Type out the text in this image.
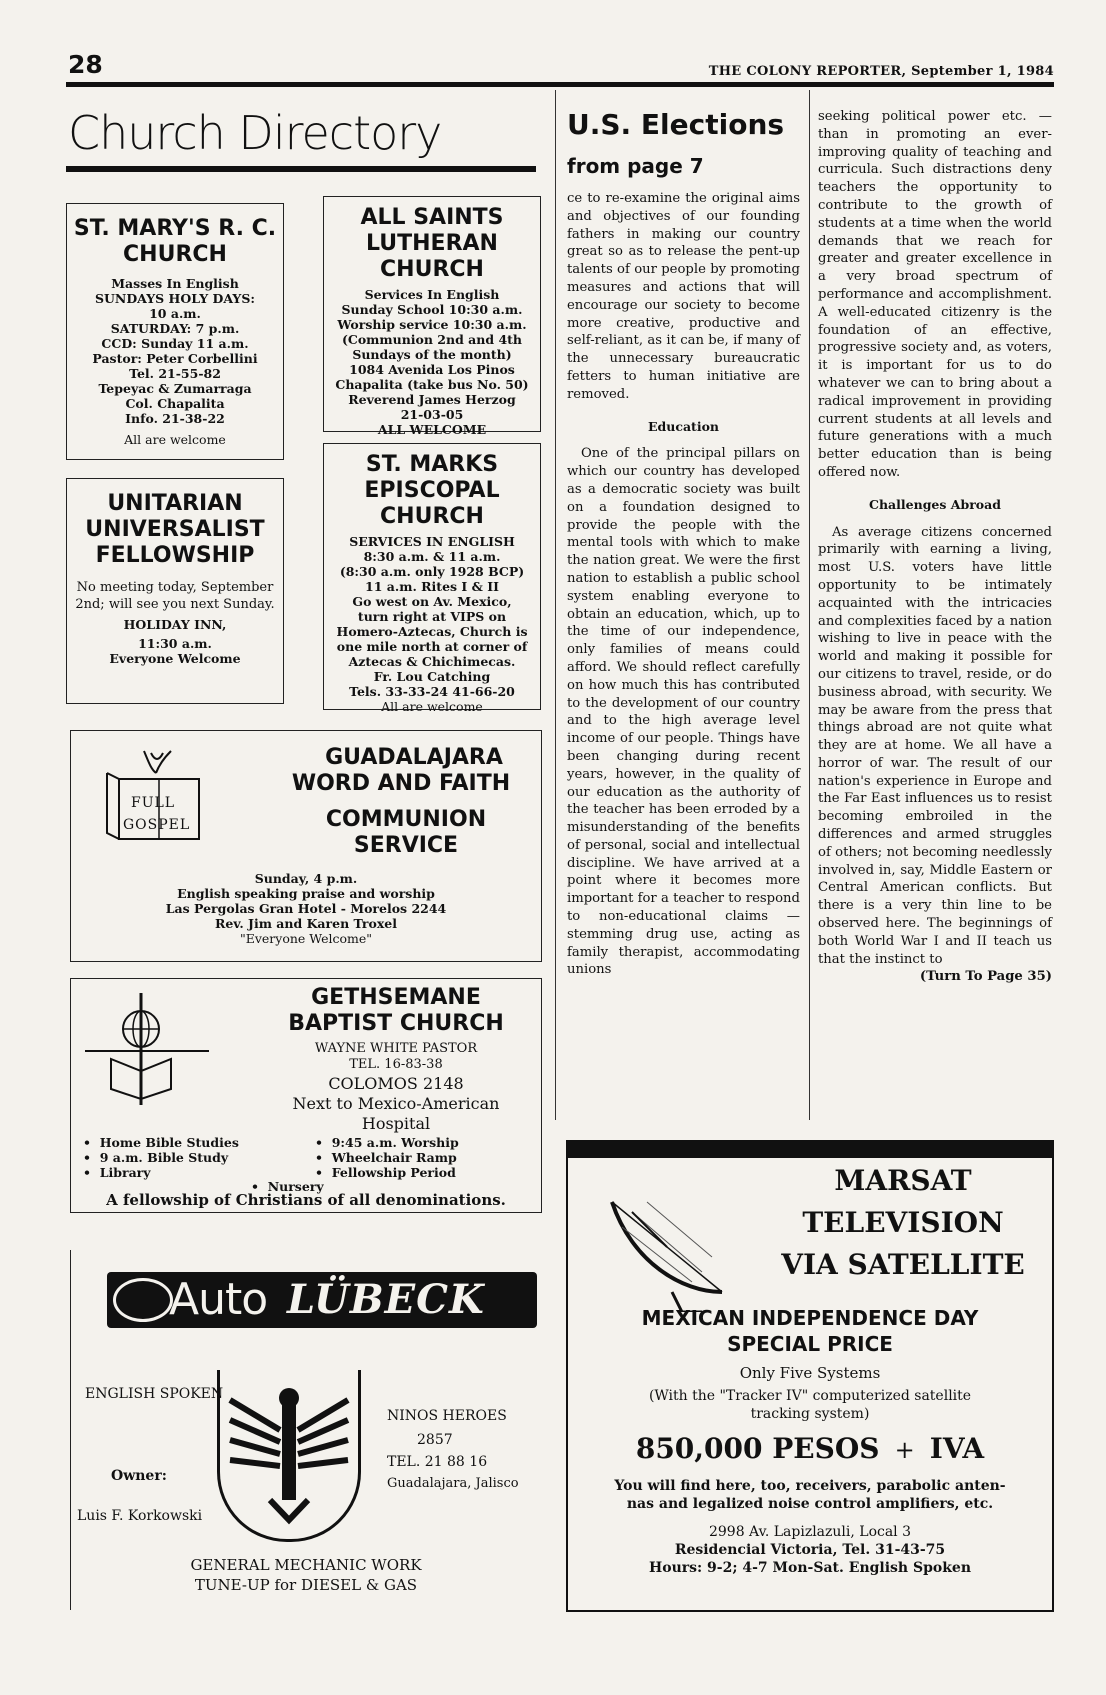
28	THE COLONY REPORTER, September 1, 1984
Church Directory
ST. MARY'S R. C.
CHURCH
Masses In English
SUNDAYS HOLY DAYS:
10 a.m.
SATURDAY: 7 p.m.
CCD: Sunday 11 a.m.
Pastor: Peter Corbellini
Tel. 21-55-82
Tepeyac & Zumarraga
Col. Chapalita
Info. 21-38-22
All are welcome
ALL SAINTS
LUTHERAN
CHURCH
Services In English
Sunday School 10:30 a.m.
Worship service 10:30 a.m.
(Communion 2nd and 4th
Sundays of the month)
1084 Avenida Los Pinos
Chapalita (take bus No. 50)
Reverend James Herzog
21-03-05
ALL WELCOME
UNITARIAN
UNIVERSALIST
FELLOWSHIP
No meeting today, September 2nd; will see you next Sunday.
HOLIDAY INN,
11:30 a.m.
Everyone Welcome
ST. MARKS
EPISCOPAL
CHURCH
SERVICES IN ENGLISH
8:30 a.m. & 11 a.m.
(8:30 a.m. only 1928 BCP)
11 a.m. Rites I & II
Go west on Av. Mexico,
turn right at VIPS on
Homero-Aztecas, Church is
one mile north at corner of
Aztecas & Chichimecas.
Fr. Lou Catching
Tels. 33-33-24 41-66-20
All are welcome
FULL
GOSPEL
GUADALAJARA
WORD AND FAITH
COMMUNION
SERVICE
Sunday, 4 p.m.
English speaking praise and worship
Las Pergolas Gran Hotel - Morelos 2244
Rev. Jim and Karen Troxel
"Everyone Welcome"
GETHSEMANE
BAPTIST CHURCH
WAYNE WHITE PASTOR
TEL. 16-83-38
COLOMOS 2148
Next to Mexico-American
Hospital
•  Home Bible Studies
•  9 a.m. Bible Study
•  Library
•  9:45 a.m. Worship
•  Wheelchair Ramp
•  Fellowship Period
•  Nursery
A fellowship of Christians of all denominations.
Auto LÜBECK
ENGLISH SPOKEN
Owner:
Luis F. Korkowski
NINOS HEROES
2857
TEL. 21 88 16
Guadalajara, Jalisco
GENERAL MECHANIC WORK
TUNE-UP for DIESEL & GAS
U.S. Elections
from page 7

ce to re-examine the original aims and objectives of our founding fathers in making our country great so as to release the pent-up talents of our people by promoting measures and actions that will encourage our society to become more creative, productive and self-reliant, as it can be, if many of the unnecessary bureaucratic fetters to human initiative are removed.

Education

One of the principal pillars on which our country has developed as a democratic society was built on a foundation designed to provide the people with the mental tools with which to make the nation great. We were the first nation to establish a public school system enabling everyone to obtain an education, which, up to the time of our independence, only families of means could afford. We should reflect carefully on how much this has contributed to the development of our country and to the high average level income of our people. Things have been changing during recent years, however, in the quality of our education as the authority of the teacher has been erroded by a misunderstanding of the benefits of personal, social and intellectual discipline. We have arrived at a point where it becomes more important for a teacher to respond to non-educational claims — stemming drug use, acting as family therapist, accommodating unions

seeking political power etc. — than in promoting an ever-improving quality of teaching and curricula. Such distractions deny teachers the opportunity to contribute to the growth of students at a time when the world demands that we reach for greater and greater excellence in a very broad spectrum of performance and accomplishment. A well-educated citizenry is the foundation of an effective, progressive society and, as voters, it is important for us to do whatever we can to bring about a radical improvement in providing current students at all levels and future generations with a much better education than is being offered now.

Challenges Abroad

As average citizens concerned primarily with earning a living, most U.S. voters have little opportunity to be intimately acquainted with the intricacies and complexities faced by a nation wishing to live in peace with the world and making it possible for our citizens to travel, reside, or do business abroad, with security. We may be aware from the press that things abroad are not quite what they are at home. We all have a horror of war. The result of our nation's experience in Europe and the Far East influences us to resist becoming embroiled in the differences and armed struggles of others; not becoming needlessly involved in, say, Middle Eastern or Central American conflicts. But there is a very thin line to be observed here. The beginnings of both World War I and II teach us that the instinct to

(Turn To Page 35)
MARSAT
TELEVISION
VIA SATELLITE
MEXICAN INDEPENDENCE DAY
SPECIAL PRICE
Only Five Systems
(With the "Tracker IV" computerized satellite
tracking system)
850,000 PESOS + IVA
You will find here, too, receivers, parabolic anten-
nas and legalized noise control amplifiers, etc.
2998 Av. Lapizlazuli, Local 3
Residencial Victoria, Tel. 31-43-75
Hours: 9-2; 4-7 Mon-Sat. English Spoken
